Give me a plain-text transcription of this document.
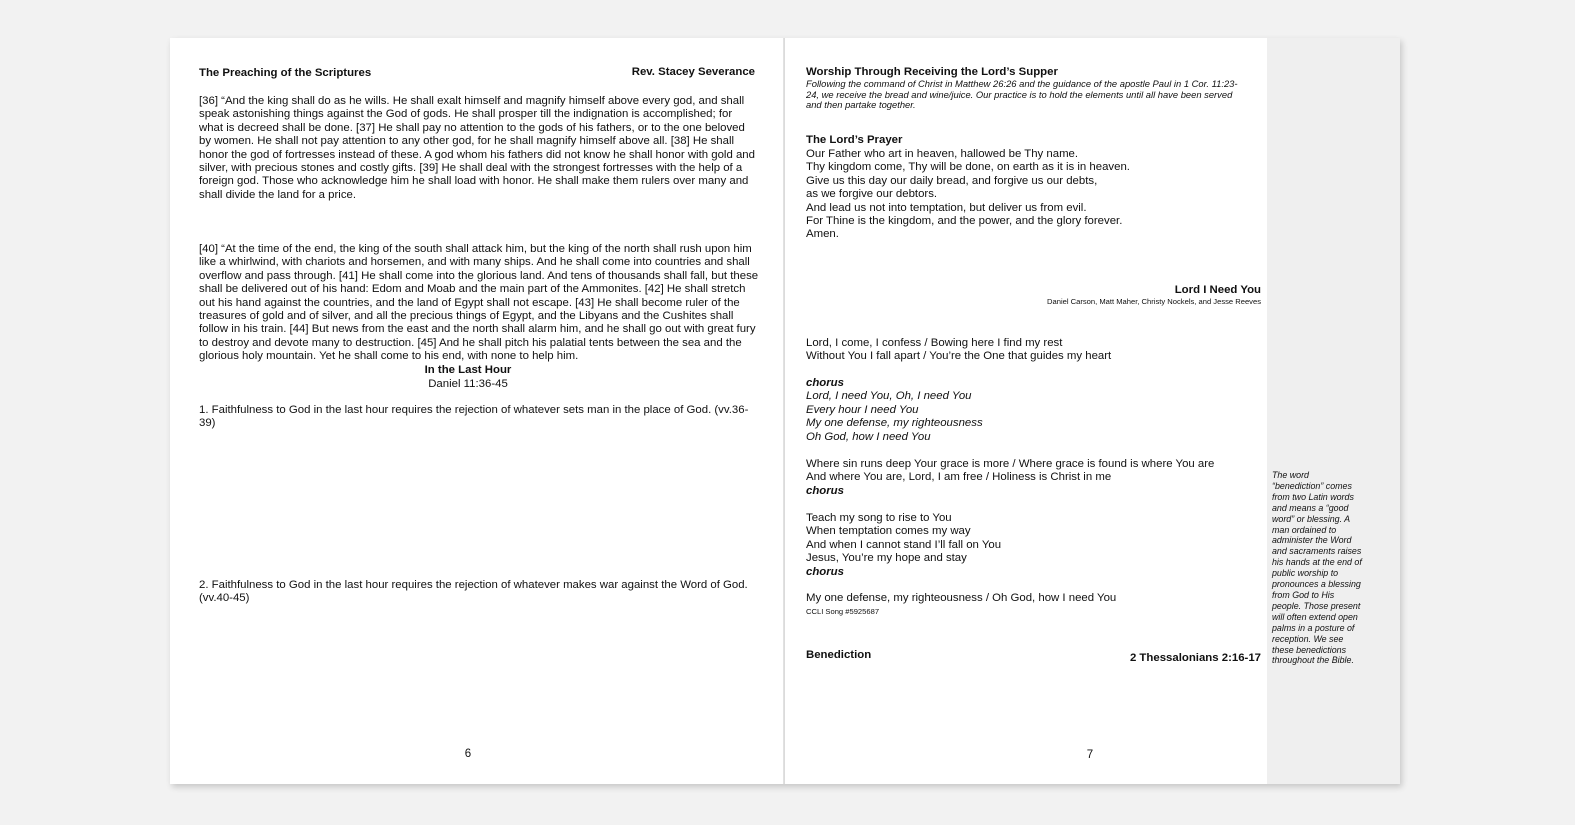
The Preaching of the Scriptures	Rev. Stacey Severance

[36] “And the king shall do as he wills. He shall exalt himself and magnify himself above every god, and shall speak astonishing things against the God of gods. He shall prosper till the indignation is accomplished; for what is decreed shall be done. [37] He shall pay no attention to the gods of his fathers, or to the one beloved by women. He shall not pay attention to any other god, for he shall magnify himself above all. [38] He shall honor the god of fortresses instead of these. A god whom his fathers did not know he shall honor with gold and silver, with precious stones and costly gifts. [39] He shall deal with the strongest fortresses with the help of a foreign god. Those who acknowledge him he shall load with honor. He shall make them rulers over many and shall divide the land for a price.

[40] “At the time of the end, the king of the south shall attack him, but the king of the north shall rush upon him like a whirlwind, with chariots and horsemen, and with many ships. And he shall come into countries and shall overflow and pass through. [41] He shall come into the glorious land. And tens of thousands shall fall, but these shall be delivered out of his hand: Edom and Moab and the main part of the Ammonites. [42] He shall stretch out his hand against the countries, and the land of Egypt shall not escape. [43] He shall become ruler of the treasures of gold and of silver, and all the precious things of Egypt, and the Libyans and the Cushites shall follow in his train. [44] But news from the east and the north shall alarm him, and he shall go out with great fury to destroy and devote many to destruction. [45] And he shall pitch his palatial tents between the sea and the glorious holy mountain. Yet he shall come to his end, with none to help him.

In the Last Hour
Daniel 11:36-45

1. Faithfulness to God in the last hour requires the rejection of whatever sets man in the place of God. (vv.36-39)

2. Faithfulness to God in the last hour requires the rejection of whatever makes war against the Word of God. (vv.40-45)

6
Worship Through Receiving the Lord’s Supper

Following the command of Christ in Matthew 26:26 and the guidance of the apostle Paul in 1 Cor. 11:23-24, we receive the bread and wine/juice. Our practice is to hold the elements until all have been served and then partake together.

The Lord’s Prayer
Our Father who art in heaven, hallowed be Thy name.
Thy kingdom come, Thy will be done, on earth as it is in heaven.
Give us this day our daily bread, and forgive us our debts,
as we forgive our debtors.
And lead us not into temptation, but deliver us from evil.
For Thine is the kingdom, and the power, and the glory forever.
Amen.
Lord I Need You
Daniel Carson, Matt Maher, Christy Nockels, and Jesse Reeves
Lord, I come, I confess / Bowing here I find my rest
Without You I fall apart / You’re the One that guides my heart
chorus
Lord, I need You, Oh, I need You
Every hour I need You
My one defense, my righteousness
Oh God, how I need You
Where sin runs deep Your grace is more / Where grace is found is where You are
And where You are, Lord, I am free / Holiness is Christ in me
chorus
Teach my song to rise to You
When temptation comes my way
And when I cannot stand I’ll fall on You
Jesus, You’re my hope and stay
chorus
My one defense, my righteousness / Oh God, how I need You
CCLI Song #5925687
Benediction	2 Thessalonians 2:16-17
7
The word
“benediction” comes
from two Latin words
and means a “good
word” or blessing. A
man ordained to
administer the Word
and sacraments raises
his hands at the end of
public worship to
pronounces a blessing
from God to His
people. Those present
will often extend open
palms in a posture of
reception. We see
these benedictions
throughout the Bible.
